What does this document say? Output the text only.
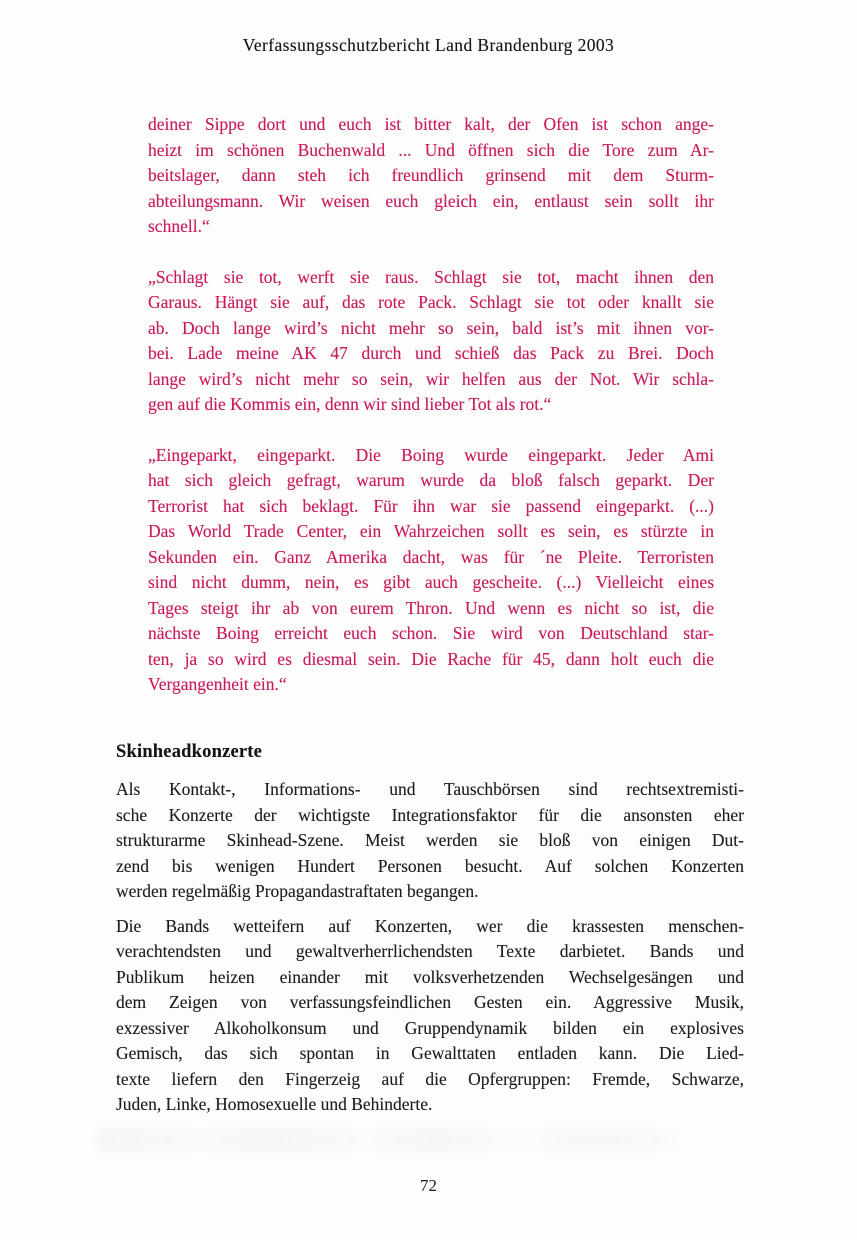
Verfassungsschutzbericht Land Brandenburg 2003
deiner Sippe dort und euch ist bitter kalt, der Ofen ist schon ange-
heizt im schönen Buchenwald ... Und öffnen sich die Tore zum Ar-
beitslager, dann steh ich freundlich grinsend mit dem Sturm-
abteilungsmann. Wir weisen euch gleich ein, entlaust sein sollt ihr
schnell.“
„Schlagt sie tot, werft sie raus. Schlagt sie tot, macht ihnen den
Garaus. Hängt sie auf, das rote Pack. Schlagt sie tot oder knallt sie
ab. Doch lange wird’s nicht mehr so sein, bald ist’s mit ihnen vor-
bei. Lade meine AK 47 durch und schieß das Pack zu Brei. Doch
lange wird’s nicht mehr so sein, wir helfen aus der Not. Wir schla-
gen auf die Kommis ein, denn wir sind lieber Tot als rot.“
„Eingeparkt, eingeparkt. Die Boing wurde eingeparkt. Jeder Ami
hat sich gleich gefragt, warum wurde da bloß falsch geparkt. Der
Terrorist hat sich beklagt. Für ihn war sie passend eingeparkt. (...)
Das World Trade Center, ein Wahrzeichen sollt es sein, es stürzte in
Sekunden ein. Ganz Amerika dacht, was für ´ne Pleite. Terroristen
sind nicht dumm, nein, es gibt auch gescheite. (...) Vielleicht eines
Tages steigt ihr ab von eurem Thron. Und wenn es nicht so ist, die
nächste Boing erreicht euch schon. Sie wird von Deutschland star-
ten, ja so wird es diesmal sein. Die Rache für 45, dann holt euch die
Vergangenheit ein.“
Skinheadkonzerte
Als Kontakt-, Informations- und Tauschbörsen sind rechtsextremisti-
sche Konzerte der wichtigste Integrationsfaktor für die ansonsten eher
strukturarme Skinhead-Szene. Meist werden sie bloß von einigen Dut-
zend bis wenigen Hundert Personen besucht. Auf solchen Konzerten
werden regelmäßig Propagandastraftaten begangen.
Die Bands wetteifern auf Konzerten, wer die krassesten menschen-
verachtendsten und gewaltverherrlichendsten Texte darbietet. Bands und
Publikum heizen einander mit volksverhetzenden Wechselgesängen und
dem Zeigen von verfassungsfeindlichen Gesten ein. Aggressive Musik,
exzessiver Alkoholkonsum und Gruppendynamik bilden ein explosives
Gemisch, das sich spontan in Gewalttaten entladen kann. Die Lied-
texte liefern den Fingerzeig auf die Opfergruppen: Fremde, Schwarze,
Juden, Linke, Homosexuelle und Behinderte.
72
